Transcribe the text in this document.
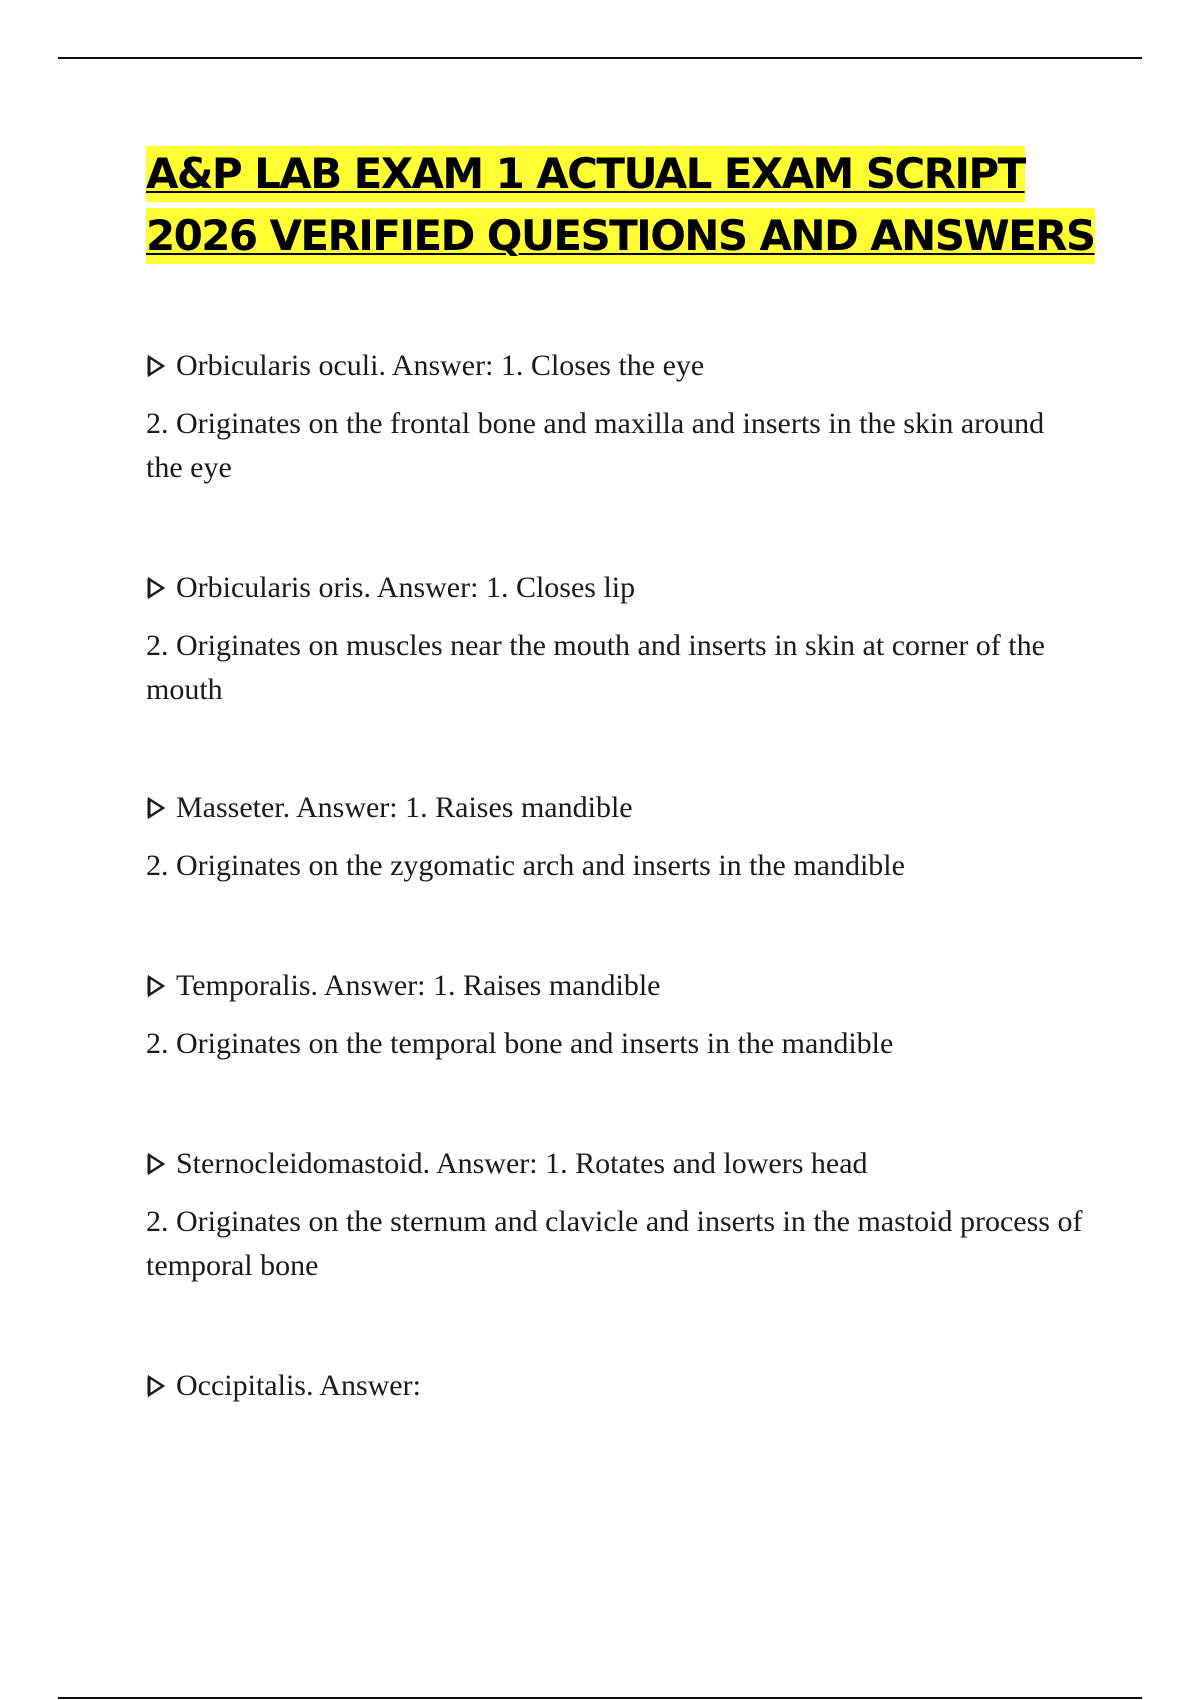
A&P LAB EXAM 1 ACTUAL EXAM SCRIPT
2026 VERIFIED QUESTIONS AND ANSWERS
Orbicularis oculi. Answer: 1. Closes the eye
2. Originates on the frontal bone and maxilla and inserts in the skin around the eye
Orbicularis oris. Answer: 1. Closes lip
2. Originates on muscles near the mouth and inserts in skin at corner of the mouth
Masseter. Answer: 1. Raises mandible
2. Originates on the zygomatic arch and inserts in the mandible
Temporalis. Answer: 1. Raises mandible
2. Originates on the temporal bone and inserts in the mandible
Sternocleidomastoid. Answer: 1. Rotates and lowers head
2. Originates on the sternum and clavicle and inserts in the mastoid process of temporal bone
Occipitalis. Answer:
